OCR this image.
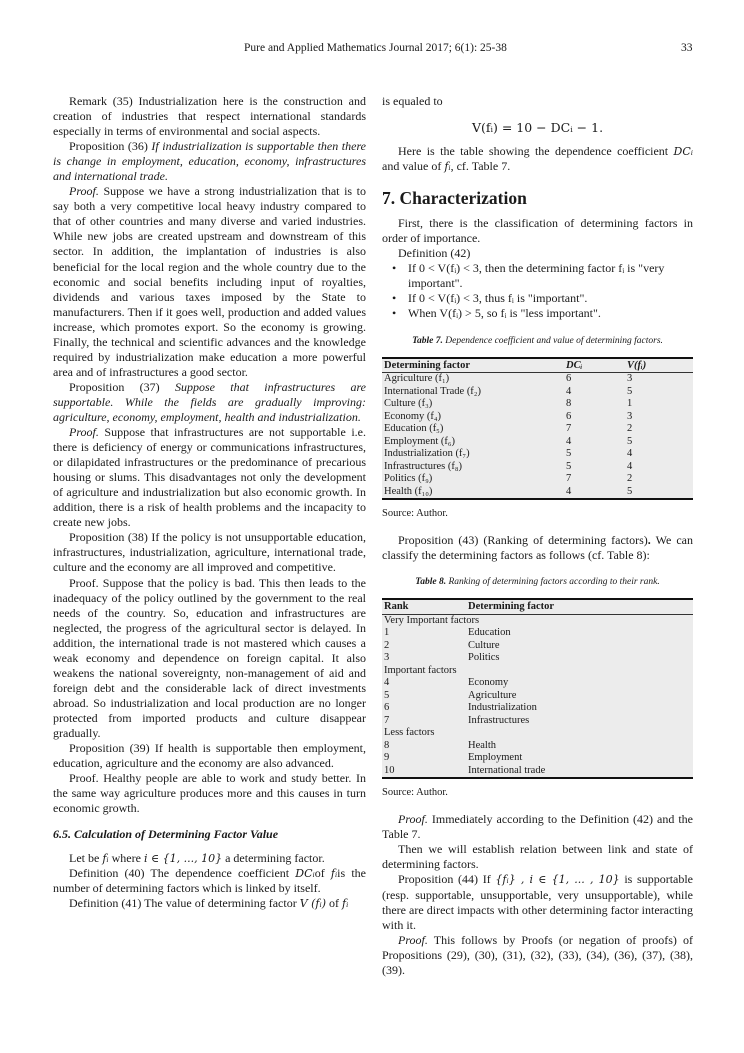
Pure and Applied Mathematics Journal 2017; 6(1): 25-38	33

Remark (35) Industrialization here is the construction and creation of industries that respect international standards especially in terms of environmental and social aspects.

Proposition (36) If industrialization is supportable then there is change in employment, education, economy, infrastructures and international trade.

Proof. Suppose we have a strong industrialization that is to say both a very competitive local heavy industry compared to that of other countries and many diverse and varied industries. While new jobs are created upstream and downstream of this sector. In addition, the implantation of industries is also beneficial for the local region and the whole country due to the economic and social benefits including input of royalties, dividends and various taxes imposed by the State to manufacturers. Then if it goes well, production and added values increase, which promotes export. So the economy is growing. Finally, the technical and scientific advances and the knowledge required by industrialization make education a more powerful area and of infrastructures a good sector.

Proposition (37) Suppose that infrastructures are supportable. While the fields are gradually improving: agriculture, economy, employment, health and industrialization.

Proof. Suppose that infrastructures are not supportable i.e. there is deficiency of energy or communications infrastructures, or dilapidated infrastructures or the predominance of precarious housing or slums. This disadvantages not only the development of agriculture and industrialization but also economic growth. In addition, there is a risk of health problems and the incapacity to create new jobs.

Proposition (38) If the policy is not unsupportable education, infrastructures, industrialization, agriculture, international trade, culture and the economy are all improved and competitive.

Proof. Suppose that the policy is bad. This then leads to the inadequacy of the policy outlined by the government to the real needs of the country. So, education and infrastructures are neglected, the progress of the agricultural sector is delayed. In addition, the international trade is not mastered which causes a weak economy and dependence on foreign capital. It also weakens the national sovereignty, non-management of aid and foreign debt and the considerable lack of direct investments abroad. So industrialization and local production are no longer protected from imported products and culture disappear gradually.

Proposition (39) If health is supportable then employment, education, agriculture and the economy are also advanced.

Proof. Healthy people are able to work and study better. In the same way agriculture produces more and this causes in turn economic growth.

6.5. Calculation of Determining Factor Value

Let be fᵢ where i ∈ {1, ..., 10} a determining factor.

Definition (40) The dependence coefficient DCᵢof fᵢis the number of determining factors which is linked by itself.

Definition (41) The value of determining factor V (fᵢ) of fᵢ

is equaled to

V(fᵢ) = 10 − DCᵢ − 1.

Here is the table showing the dependence coefficient DCᵢ and value of fᵢ, cf. Table 7.

7. Characterization

First, there is the classification of determining factors in order of importance.

Definition (42)

• If 0 < V(fᵢ) < 3, then the determining factor fᵢ is "very important".
• If 0 < V(fᵢ) < 3, thus fᵢ is "important".
• When V(fᵢ) > 5, so fᵢ is "less important".
Table 7. Dependence coefficient and value of determining factors.
Determining factor	DCᵢ	V(fᵢ)
Agriculture (f₁)	6	3
International Trade (f₂)	4	5
Culture (f₃)	8	1
Economy (f₄)	6	3
Education (f₅)	7	2
Employment (f₆)	4	5
Industrialization (f₇)	5	4
Infrastructures (f₈)	5	4
Politics (f₉)	7	2
Health (f₁₀)	4	5
Source: Author.

Proposition (43) (Ranking of determining factors). We can classify the determining factors as follows (cf. Table 8):

Table 8. Ranking of determining factors according to their rank.
Rank	Determining factor
Very Important factors	
1	Education
2	Culture
3	Politics
Important factors	
4	Economy
5	Agriculture
6	Industrialization
7	Infrastructures
Less factors	
8	Health
9	Employment
10	International trade
Source: Author.

Proof. Immediately according to the Definition (42) and the Table 7.

Then we will establish relation between link and state of determining factors.

Proposition (44) If {fᵢ} , i ∈ {1, ... , 10} is supportable (resp. supportable, unsupportable, very unsupportable), while there are direct impacts with other determining factor interacting with it.

Proof. This follows by Proofs (or negation of proofs) of Propositions (29), (30), (31), (32), (33), (34), (36), (37), (38), (39).
